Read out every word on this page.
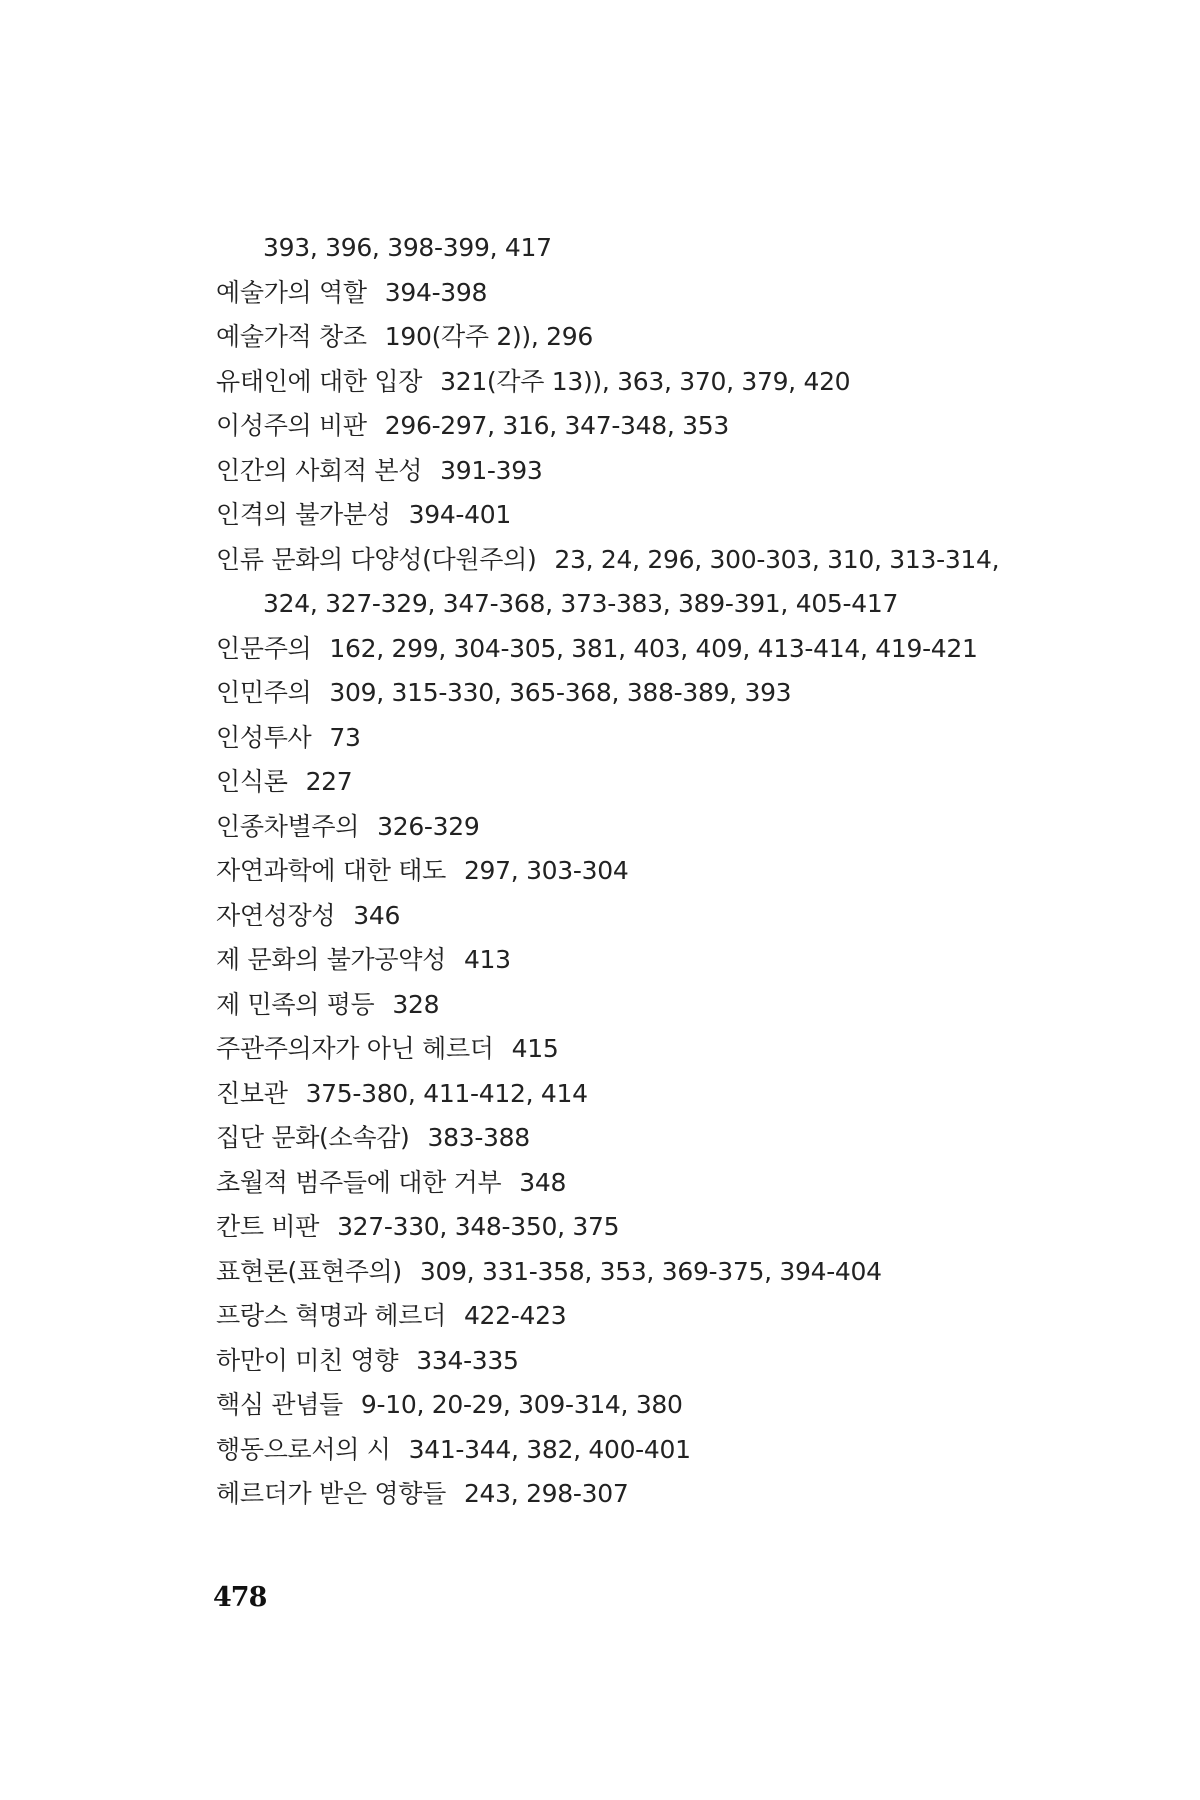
393, 396, 398-399, 417
예술가의 역할 394-398
예술가적 창조 190(각주 2)), 296
유태인에 대한 입장 321(각주 13)), 363, 370, 379, 420
이성주의 비판 296-297, 316, 347-348, 353
인간의 사회적 본성 391-393
인격의 불가분성 394-401
인류 문화의 다양성(다원주의) 23, 24, 296, 300-303, 310, 313-314,
324, 327-329, 347-368, 373-383, 389-391, 405-417
인문주의 162, 299, 304-305, 381, 403, 409, 413-414, 419-421
인민주의 309, 315-330, 365-368, 388-389, 393
인성투사 73
인식론 227
인종차별주의 326-329
자연과학에 대한 태도 297, 303-304
자연성장성 346
제 문화의 불가공약성 413
제 민족의 평등 328
주관주의자가 아닌 헤르더 415
진보관 375-380, 411-412, 414
집단 문화(소속감) 383-388
초월적 범주들에 대한 거부 348
칸트 비판 327-330, 348-350, 375
표현론(표현주의) 309, 331-358, 353, 369-375, 394-404
프랑스 혁명과 헤르더 422-423
하만이 미친 영향 334-335
핵심 관념들 9-10, 20-29, 309-314, 380
행동으로서의 시 341-344, 382, 400-401
헤르더가 받은 영향들 243, 298-307
478
